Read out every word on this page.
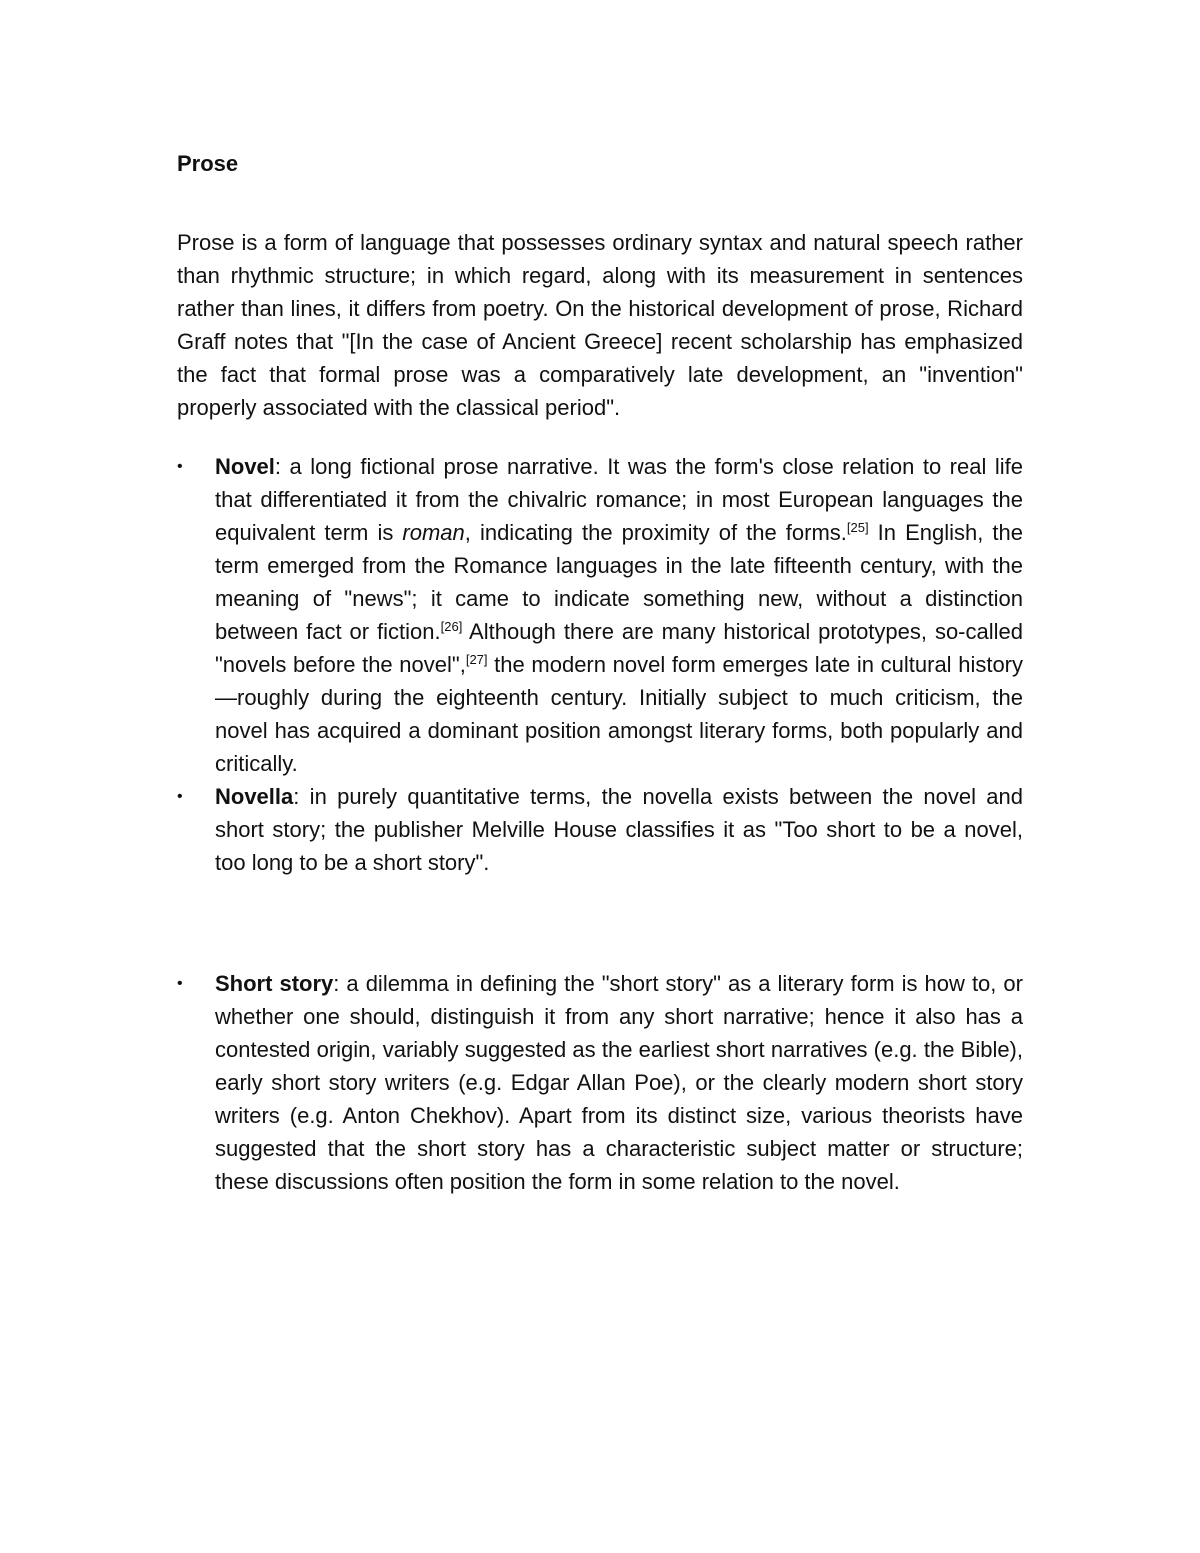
Prose

Prose is a form of language that possesses ordinary syntax and natural speech rather than rhythmic structure; in which regard, along with its measurement in sentences rather than lines, it differs from poetry. On the historical development of prose, Richard Graff notes that "[In the case of Ancient Greece] recent scholarship has emphasized the fact that formal prose was a comparatively late development, an "invention" properly associated with the classical period".

•	Novel: a long fictional prose narrative. It was the form's close relation to real life that differentiated it from the chivalric romance; in most European languages the equivalent term is roman, indicating the proximity of the forms.[25] In English, the term emerged from the Romance languages in the late fifteenth century, with the meaning of "news"; it came to indicate something new, without a distinction between fact or fiction.[26] Although there are many historical prototypes, so-called "novels before the novel",[27] the modern novel form emerges late in cultural history—roughly during the eighteenth century. Initially subject to much criticism, the novel has acquired a dominant position amongst literary forms, both popularly and critically.
•	Novella: in purely quantitative terms, the novella exists between the novel and short story; the publisher Melville House classifies it as "Too short to be a novel, too long to be a short story".
•	Short story: a dilemma in defining the "short story" as a literary form is how to, or whether one should, distinguish it from any short narrative; hence it also has a contested origin, variably suggested as the earliest short narratives (e.g. the Bible), early short story writers (e.g. Edgar Allan Poe), or the clearly modern short story writers (e.g. Anton Chekhov). Apart from its distinct size, various theorists have suggested that the short story has a characteristic subject matter or structure; these discussions often position the form in some relation to the novel.
